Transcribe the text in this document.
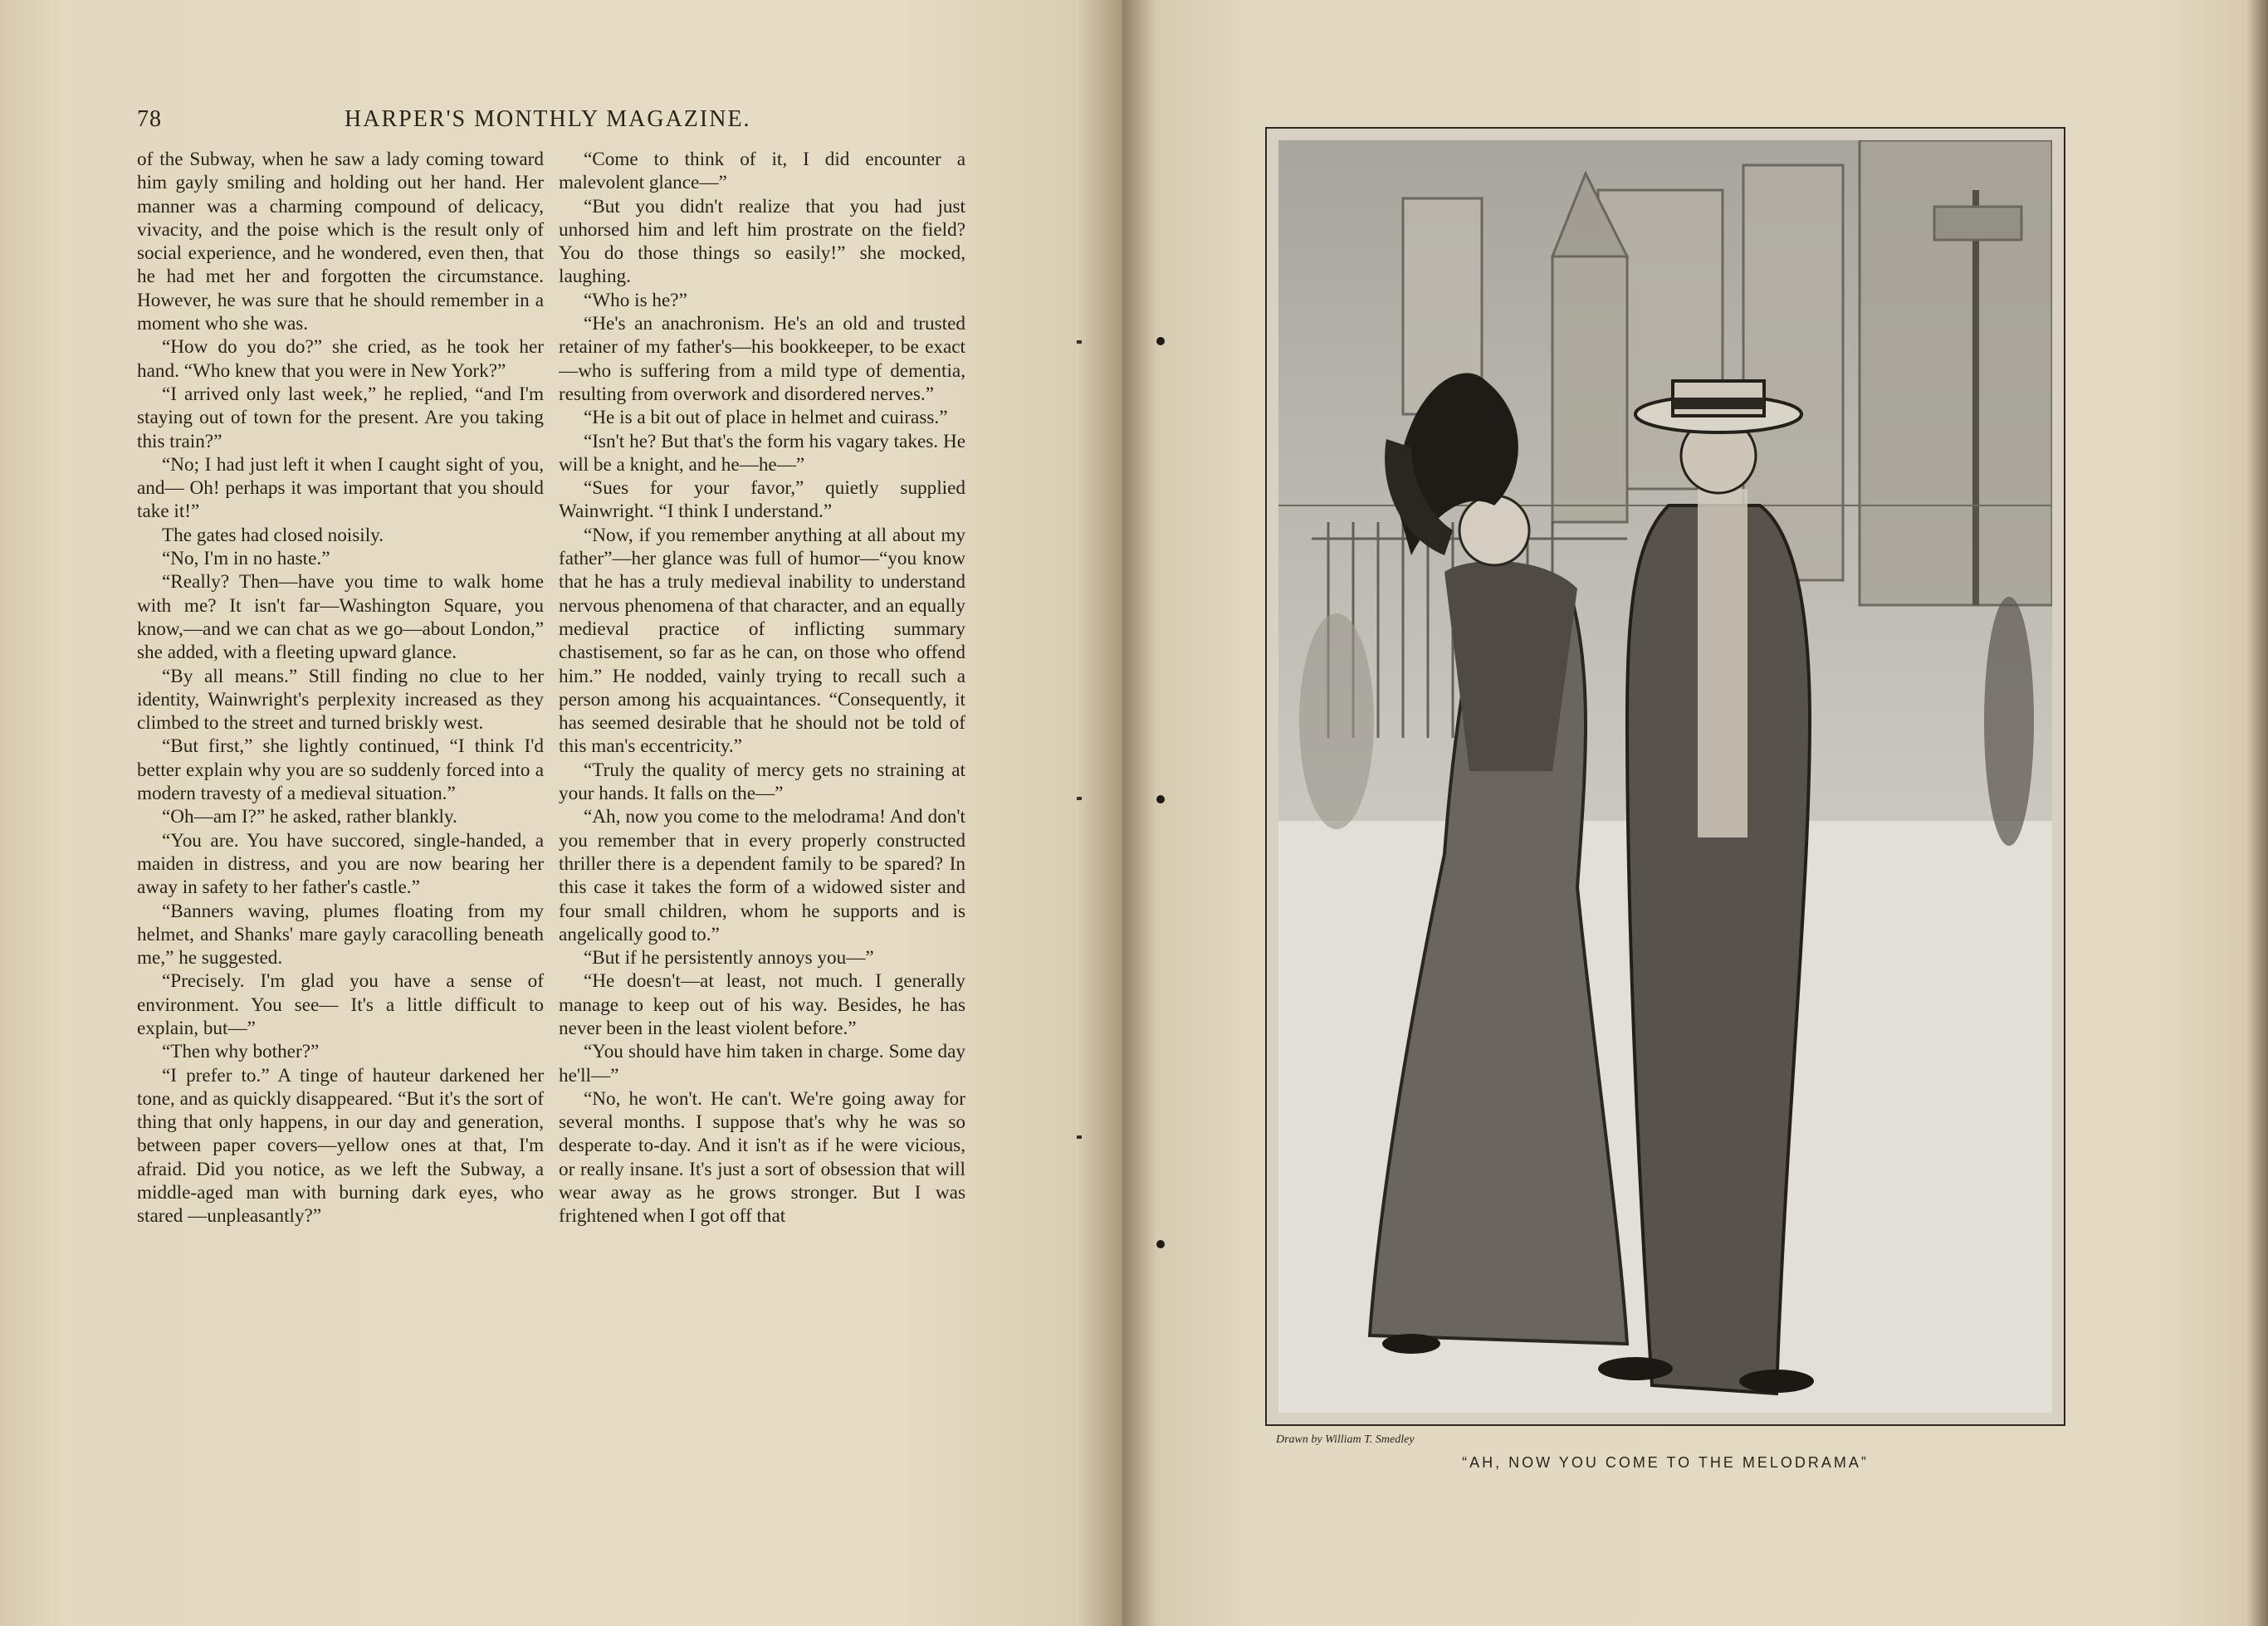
78	HARPER'S MONTHLY MAGAZINE.

of the Subway, when he saw a lady coming toward him gayly smiling and holding out her hand. Her manner was a charming compound of delicacy, vivacity, and the poise which is the result only of social experience, and he wondered, even then, that he had met her and forgotten the circumstance. However, he was sure that he should remember in a moment who she was.

“How do you do?” she cried, as he took her hand. “Who knew that you were in New York?”

“I arrived only last week,” he replied, “and I'm staying out of town for the present. Are you taking this train?”

“No; I had just left it when I caught sight of you, and— Oh! perhaps it was important that you should take it!”

The gates had closed noisily.

“No, I'm in no haste.”

“Really? Then—have you time to walk home with me? It isn't far—Washington Square, you know,—and we can chat as we go—about London,” she added, with a fleeting upward glance.

“By all means.” Still finding no clue to her identity, Wainwright's perplexity increased as they climbed to the street and turned briskly west.

“But first,” she lightly continued, “I think I'd better explain why you are so suddenly forced into a modern travesty of a medieval situation.”

“Oh—am I?” he asked, rather blankly.

“You are. You have succored, single-handed, a maiden in distress, and you are now bearing her away in safety to her father's castle.”

“Banners waving, plumes floating from my helmet, and Shanks' mare gayly caracolling beneath me,” he suggested.

“Precisely. I'm glad you have a sense of environment. You see— It's a little difficult to explain, but—”

“Then why bother?”

“I prefer to.” A tinge of hauteur darkened her tone, and as quickly disappeared. “But it's the sort of thing that only happens, in our day and generation, between paper covers—yellow ones at that, I'm afraid. Did you notice, as we left the Subway, a middle-aged man with burning dark eyes, who stared —unpleasantly?”

“Come to think of it, I did encounter a malevolent glance—”

“But you didn't realize that you had just unhorsed him and left him prostrate on the field? You do those things so easily!” she mocked, laughing.

“Who is he?”

“He's an anachronism. He's an old and trusted retainer of my father's—his bookkeeper, to be exact—who is suffering from a mild type of dementia, resulting from overwork and disordered nerves.”

“He is a bit out of place in helmet and cuirass.”

“Isn't he? But that's the form his vagary takes. He will be a knight, and he—he—”

“Sues for your favor,” quietly supplied Wainwright. “I think I understand.”

“Now, if you remember anything at all about my father”—her glance was full of humor—“you know that he has a truly medieval inability to understand nervous phenomena of that character, and an equally medieval practice of inflicting summary chastisement, so far as he can, on those who offend him.” He nodded, vainly trying to recall such a person among his acquaintances. “Consequently, it has seemed desirable that he should not be told of this man's eccentricity.”

“Truly the quality of mercy gets no straining at your hands. It falls on the—”

“Ah, now you come to the melodrama! And don't you remember that in every properly constructed thriller there is a dependent family to be spared? In this case it takes the form of a widowed sister and four small children, whom he supports and is angelically good to.”

“But if he persistently annoys you—”

“He doesn't—at least, not much. I generally manage to keep out of his way. Besides, he has never been in the least violent before.”

“You should have him taken in charge. Some day he'll—”

“No, he won't. He can't. We're going away for several months. I suppose that's why he was so desperate to-day. And it isn't as if he were vicious, or really insane. It's just a sort of obsession that will wear away as he grows stronger. But I was frightened when I got off that

Drawn by William T. Smedley
“AH, NOW YOU COME TO THE MELODRAMA”
